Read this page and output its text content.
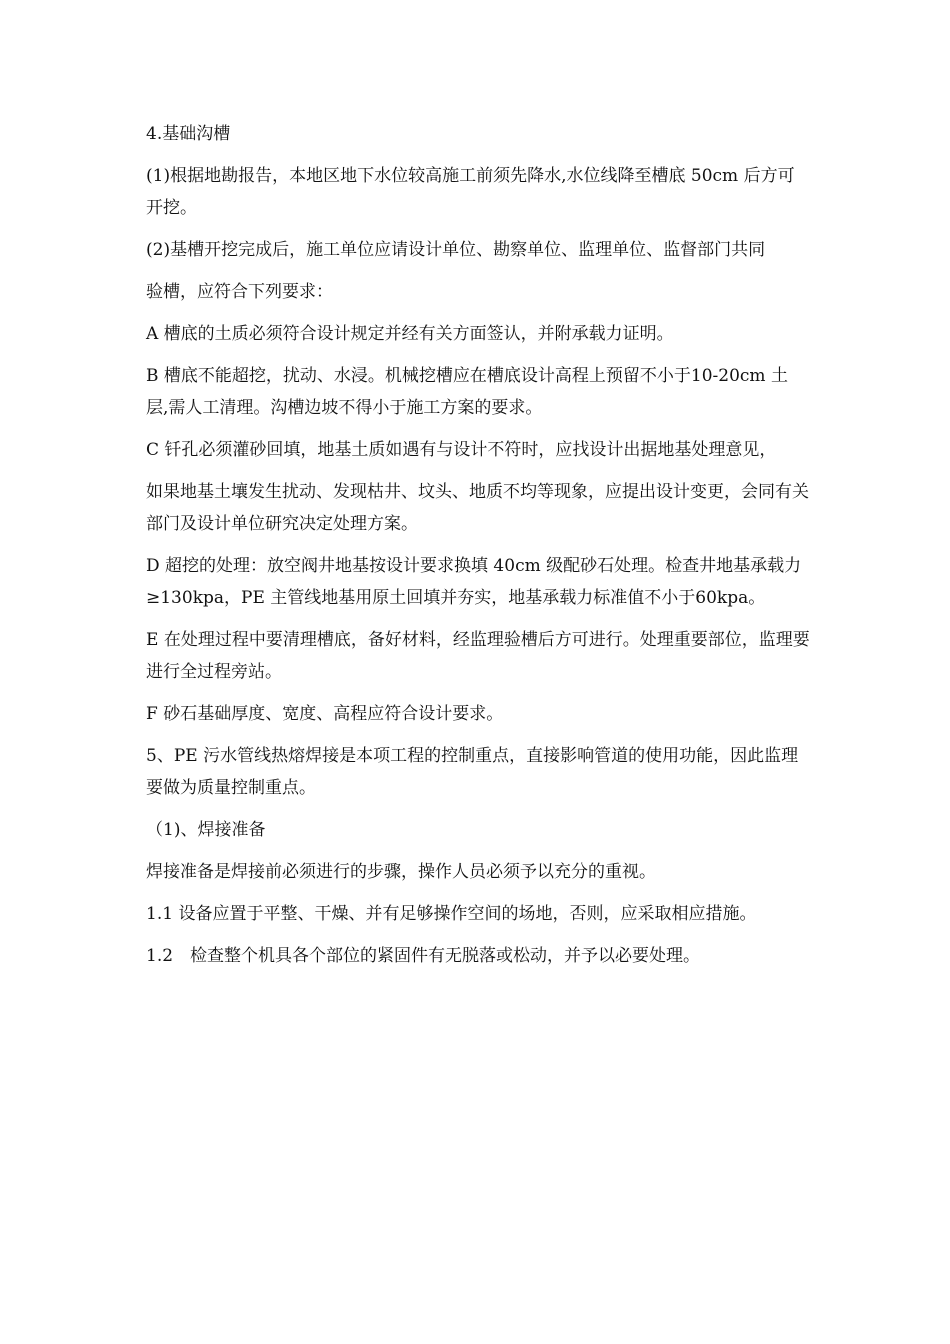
4.基础沟槽

(1)根据地勘报告，本地区地下水位较高施工前须先降水,水位线降至槽底 50cm 后方可开挖。

(2)基槽开挖完成后，施工单位应请设计单位、勘察单位、监理单位、监督部门共同

验槽，应符合下列要求：

A 槽底的土质必须符合设计规定并经有关方面签认，并附承载力证明。

B 槽底不能超挖，扰动、水浸。机械挖槽应在槽底设计高程上预留不小于10-20cm 土层,需人工清理。沟槽边坡不得小于施工方案的要求。

C 钎孔必须灌砂回填，地基土质如遇有与设计不符时，应找设计出据地基处理意见，

如果地基土壤发生扰动、发现枯井、坟头、地质不均等现象，应提出设计变更，会同有关部门及设计单位研究决定处理方案。

D 超挖的处理：放空阀井地基按设计要求换填 40cm 级配砂石处理。检查井地基承载力≥130kpa，PE 主管线地基用原土回填并夯实，地基承载力标准值不小于60kpa。

E 在处理过程中要清理槽底，备好材料，经监理验槽后方可进行。处理重要部位，监理要进行全过程旁站。

F 砂石基础厚度、宽度、高程应符合设计要求。

5、PE 污水管线热熔焊接是本项工程的控制重点，直接影响管道的使用功能，因此监理要做为质量控制重点。

（1)、焊接准备

焊接准备是焊接前必须进行的步骤，操作人员必须予以充分的重视。

1.1 设备应置于平整、干燥、并有足够操作空间的场地，否则，应采取相应措施。

1.2　检查整个机具各个部位的紧固件有无脱落或松动，并予以必要处理。
